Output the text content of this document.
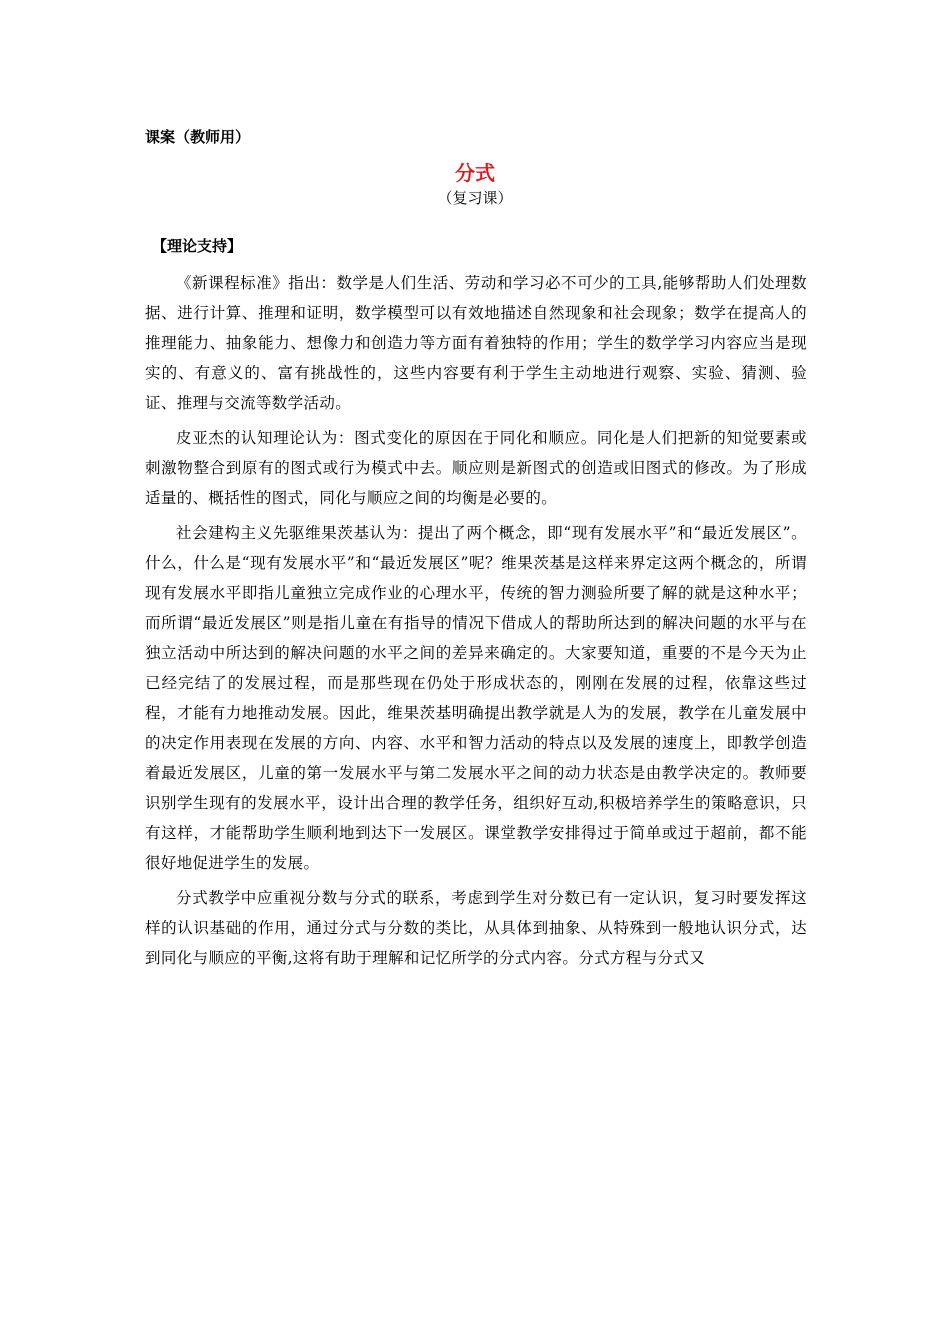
课案（教师用）
分式
（复习课）
【理论支持】

《新课程标准》指出：数学是人们生活、劳动和学习必不可少的工具,能够帮助人们处理数据、进行计算、推理和证明，数学模型可以有效地描述自然现象和社会现象；数学在提高人的推理能力、抽象能力、想像力和创造力等方面有着独特的作用；学生的数学学习内容应当是现实的、有意义的、富有挑战性的，这些内容要有利于学生主动地进行观察、实验、猜测、验证、推理与交流等数学活动。

皮亚杰的认知理论认为：图式变化的原因在于同化和顺应。同化是人们把新的知觉要素或刺激物整合到原有的图式或行为模式中去。顺应则是新图式的创造或旧图式的修改。为了形成适量的、概括性的图式，同化与顺应之间的均衡是必要的。

社会建构主义先驱维果茨基认为：提出了两个概念，即“现有发展水平”和“最近发展区”。什么，什么是“现有发展水平”和“最近发展区”呢？维果茨基是这样来界定这两个概念的，所谓现有发展水平即指儿童独立完成作业的心理水平，传统的智力测验所要了解的就是这种水平；而所谓“最近发展区”则是指儿童在有指导的情况下借成人的帮助所达到的解决问题的水平与在独立活动中所达到的解决问题的水平之间的差异来确定的。大家要知道，重要的不是今天为止已经完结了的发展过程，而是那些现在仍处于形成状态的，刚刚在发展的过程，依靠这些过程，才能有力地推动发展。因此，维果茨基明确提出教学就是人为的发展，教学在儿童发展中的决定作用表现在发展的方向、内容、水平和智力活动的特点以及发展的速度上，即教学创造着最近发展区，儿童的第一发展水平与第二发展水平之间的动力状态是由教学决定的。教师要识别学生现有的发展水平，设计出合理的教学任务，组织好互动,积极培养学生的策略意识，只有这样，才能帮助学生顺利地到达下一发展区。课堂教学安排得过于简单或过于超前，都不能很好地促进学生的发展。

分式教学中应重视分数与分式的联系，考虑到学生对分数已有一定认识，复习时要发挥这样的认识基础的作用，通过分式与分数的类比，从具体到抽象、从特殊到一般地认识分式，达到同化与顺应的平衡,这将有助于理解和记忆所学的分式内容。分式方程与分式又
